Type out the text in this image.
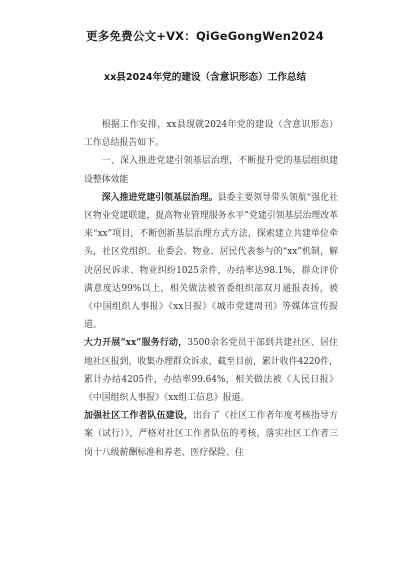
更多免费公文+VX：QiGeGongWen2024
xx县2024年党的建设（含意识形态）工作总结

根据工作安排，xx县现就2024年党的建设（含意识形态）工作总结报告如下。

一、深入推进党建引领基层治理，不断提升党的基层组织建设整体效能

深入推进党建引领基层治理。县委主要领导带头领航“强化社区物业党建联建，提高物业管理服务水平”党建引领基层治理改革来“xx”项目，不断创新基层治理方式方法，探索建立共建单位牵头，社区党组织、业委会、物业、居民代表参与的“xx”机制，解决居民诉求、物业纠纷1025余件，办结率达98.1%，群众评价满意度达99%以上，相关做法被省委组织部双月通报表扬，被《中国组织人事报》《xx日报》《城市党建周刊》等媒体宣传报道。

大力开展“xx”服务行动，3500余名党员干部到共建社区、居住地社区报到，收集办理群众诉求，截至目前，累计收件4220件，累计办结4205件，办结率99.64%，相关做法被《人民日报》《中国组织人事报》《xx组工信息》报道。

加强社区工作者队伍建设，出台了《社区工作者年度考核指导方案（试行）》，严格对社区工作者队伍的考核，落实社区工作者三岗十八级薪酬标准和养老、医疗保险、住
